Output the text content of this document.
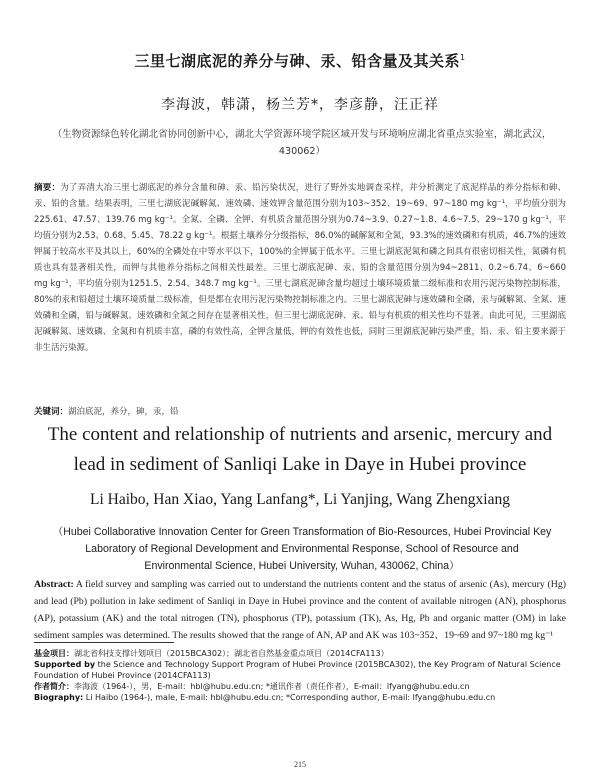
三里七湖底泥的养分与砷、汞、铅含量及其关系$^1$
李海波，韩潇，杨兰芳*，李彦静，汪正祥
（生物资源绿色转化湖北省协同创新中心，湖北大学资源环境学院区域开发与环境响应湖北省重点实验室，湖北武汉，430062）
摘要：为了弄清大冶三里七湖底泥的养分含量和砷、汞、铅污染状况，进行了野外实地调查采样，并分析测定了底泥样品的养分指标和砷、汞、铅的含量。结果表明，三里七湖底泥碱解氮、速效磷、速效钾含量范围分别为103~352、19~69、97~180 mg kg⁻¹，平均值分别为225.61、47.57、139.76 mg kg⁻¹。全氮、全磷、全钾、有机质含量范围分别为0.74~3.9、0.27~1.8、4.6~7.5、29~170 g kg⁻¹，平均值分别为2.53、0.68、5.45、78.22 g kg⁻¹。根据土壤养分分级指标，86.0%的碱解氮和全氮，93.3%的速效磷和有机质，46.7%的速效钾属于较高水平及其以上，60%的全磷处在中等水平以下，100%的全钾属于低水平。三里七湖底泥氮和磷之间具有很密切相关性，氮磷有机质也具有显著相关性，而钾与其他养分指标之间相关性最差。三里七湖底泥砷、汞、铅的含量范围分别为94~2811、0.2~6.74、6~660 mg kg⁻¹，平均值分别为1251.5、2.54、348.7 mg kg⁻¹。三里七湖底泥砷含量均超过土壤环境质量二级标准和农用污泥污染物控制标准，80%的汞和铅超过土壤环境质量二级标准，但是都在农用污泥污染物控制标准之内。三里七湖底泥砷与速效磷和全磷，汞与碱解氮、全氮、速效磷和全磷，铅与碱解氮、速效磷和全氮之间存在显著相关性，但三里七湖底泥砷、汞、铅与有机质的相关性均不显著。由此可见，三里湖底泥碱解氮、速效磷、全氮和有机质丰富，磷的有效性高，全钾含量低，钾的有效性也低，同时三里湖底泥砷污染严重，铅、汞、铅主要来源于非生活污染源。
关键词：湖泊底泥，养分，砷，汞，铅
The content and relationship of nutrients and arsenic, mercury and lead in sediment of Sanliqi Lake in Daye in Hubei province
Li Haibo, Han Xiao, Yang Lanfang*, Li Yanjing, Wang Zhengxiang
（Hubei Collaborative Innovation Center for Green Transformation of Bio-Resources, Hubei Provincial Key Laboratory of Regional Development and Environmental Response, School of Resource and Environmental Science, Hubei University, Wuhan, 430062, China）
Abstract: A field survey and sampling was carried out to understand the nutrients content and the status of arsenic (As), mercury (Hg) and lead (Pb) pollution in lake sediment of Sanliqi in Daye in Hubei province and the content of available nitrogen (AN), phosphorus (AP), potassium (AK) and the total nitrogen (TN), phosphorus (TP), potassium (TK), As, Hg, Pb and organic matter (OM) in lake sediment samples was determined. The results showed that the range of AN, AP and AK was 103~352、19~69 and 97~180 mg kg⁻¹
基金项目：湖北省科技支撑计划项目（2015BCA302）；湖北省自然基金重点项目（2014CFA113）
Supported by the Science and Technology Support Program of Hubei Province (2015BCA302), the Key Program of Natural Science Foundation of Hubei Province (2014CFA113)
作者简介：李海波（1964-），男，E-mail：hbl@hubu.edu.cn; *通讯作者（责任作者），E-mail：lfyang@hubu.edu.cn
Biography: Li Haibo (1964-), male, E-mail: hbl@hubu.edu.cn; *Corresponding author, E-mail: lfyang@hubu.edu.cn
215
